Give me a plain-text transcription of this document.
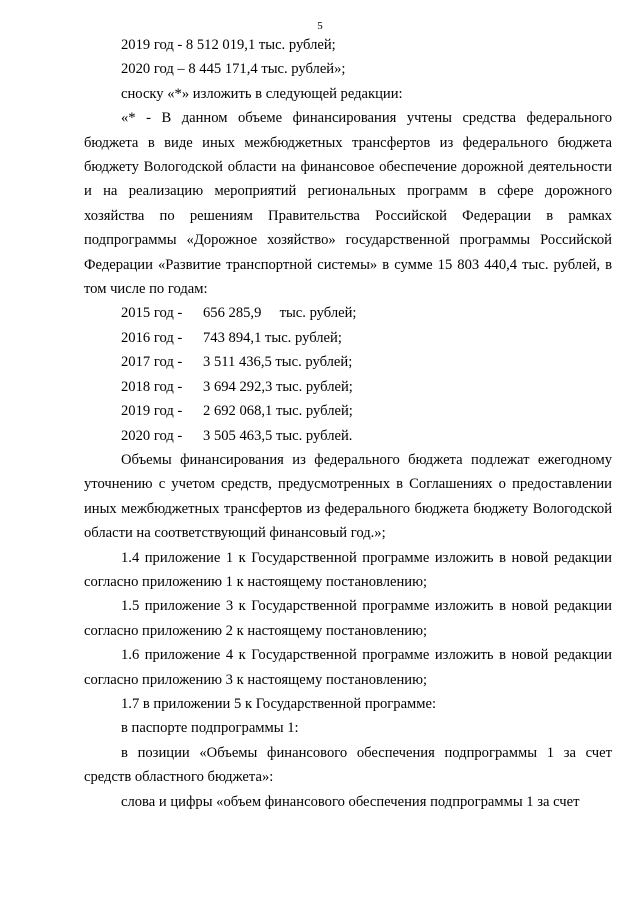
5

2019 год - 8 512 019,1 тыс. рублей;

2020 год – 8 445 171,4 тыс. рублей»;

сноску «*» изложить в следующей редакции:

«* - В данном объеме финансирования учтены средства федерального бюджета в виде иных межбюджетных трансфертов из федерального бюджета бюджету Вологодской области на финансовое обеспечение дорожной деятельности и на реализацию мероприятий региональных программ в сфере дорожного хозяйства по решениям Правительства Российской Федерации в рамках подпрограммы «Дорожное хозяйство» государственной программы Российской Федерации «Развитие транспортной системы» в сумме 15 803 440,4 тыс. рублей, в том числе по годам:

2015 год -	656 285,9     тыс. рублей;
2016 год -	743 894,1 тыс. рублей;
2017 год -	3 511 436,5 тыс. рублей;
2018 год -	3 694 292,3 тыс. рублей;
2019 год -	2 692 068,1 тыс. рублей;
2020 год -	3 505 463,5 тыс. рублей.

Объемы финансирования из федерального бюджета подлежат ежегодному уточнению с учетом средств, предусмотренных в Соглашениях о предоставлении иных межбюджетных трансфертов из федерального бюджета бюджету Вологодской области на соответствующий финансовый год.»;

1.4 приложение 1 к Государственной программе изложить в новой редакции согласно приложению 1 к настоящему постановлению;

1.5 приложение 3 к Государственной программе изложить в новой редакции согласно приложению 2 к настоящему постановлению;

1.6 приложение 4 к Государственной программе изложить в новой редакции согласно приложению 3 к настоящему постановлению;

1.7 в приложении 5 к Государственной программе:

в паспорте подпрограммы 1:

в позиции «Объемы финансового обеспечения подпрограммы 1 за счет средств областного бюджета»:

слова и цифры «объем финансового обеспечения подпрограммы 1 за счет
